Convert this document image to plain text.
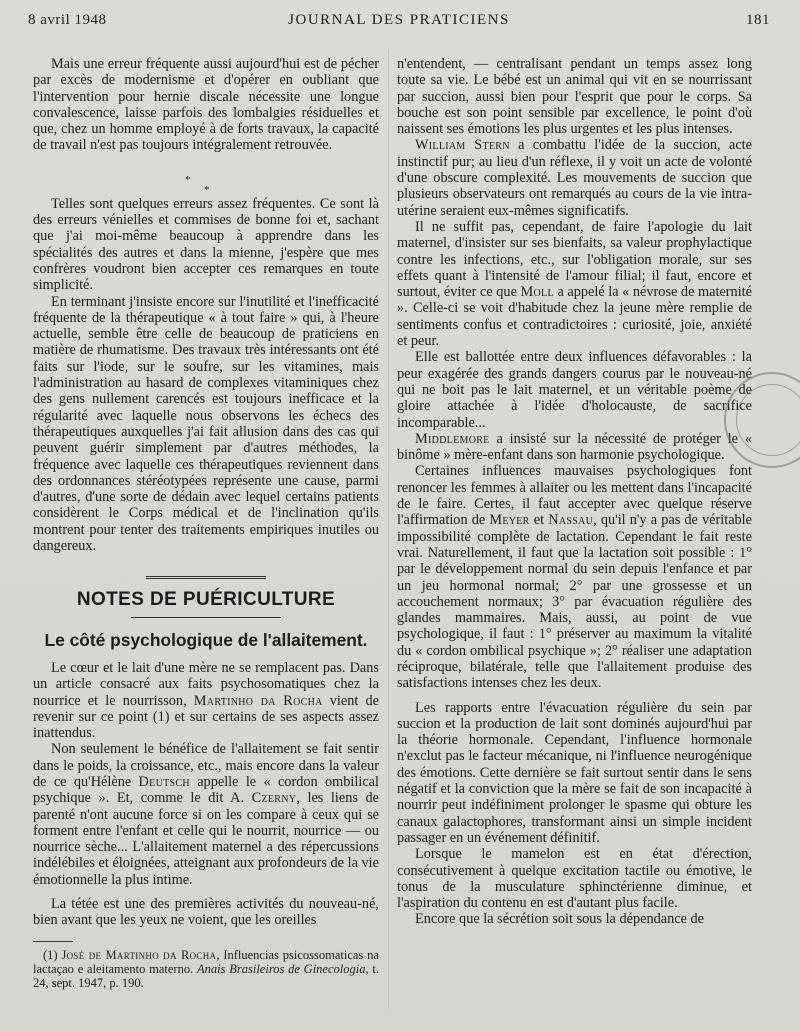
8 avril 1948	JOURNAL DES PRATICIENS	181

Mais une erreur fréquente aussi aujourd'hui est de pécher par excès de modernisme et d'opérer en oubliant que l'intervention pour hernie discale nécessite une longue convalescence, laisse parfois des lombalgies résiduelles et que, chez un homme employé à de forts travaux, la capacité de travail n'est pas toujours intégralement retrouvée.

*
*

Telles sont quelques erreurs assez fréquentes. Ce sont là des erreurs vénielles et commises de bonne foi et, sachant que j'ai moi-même beaucoup à apprendre dans les spécialités des autres et dans la mienne, j'espère que mes confrères voudront bien accepter ces remarques en toute simplicité.

En terminant j'insiste encore sur l'inutilité et l'inefficacité fréquente de la thérapeutique « à tout faire » qui, à l'heure actuelle, semble être celle de beaucoup de praticiens en matière de rhumatisme. Des travaux très intéressants ont été faits sur l'iode, sur le soufre, sur les vitamines, mais l'administration au hasard de complexes vitaminiques chez des gens nullement carencés est toujours inefficace et la régularité avec laquelle nous observons les échecs des thérapeutiques auxquelles j'ai fait allusion dans des cas qui peuvent guérir simplement par d'autres méthodes, la fréquence avec laquelle ces thérapeutiques reviennent dans des ordonnances stéréotypées représente une cause, parmi d'autres, d'une sorte de dédain avec lequel certains patients considèrent le Corps médical et de l'inclination qu'ils montrent pour tenter des traitements empiriques inutiles ou dangereux.

NOTES DE PUÉRICULTURE
Le côté psychologique de l'allaitement.

Le cœur et le lait d'une mère ne se remplacent pas. Dans un article consacré aux faits psychosomatiques chez la nourrice et le nourrisson, Martinho da Rocha vient de revenir sur ce point (1) et sur certains de ses aspects assez inattendus.

Non seulement le bénéfice de l'allaitement se fait sentir dans le poids, la croissance, etc., mais encore dans la valeur de ce qu'Hélène Deutsch appelle le « cordon ombilical psychique ». Et, comme le dit A. Czerny, les liens de parenté n'ont aucune force si on les compare à ceux qui se forment entre l'enfant et celle qui le nourrit, nourrice — ou nourrice sèche... L'allaitement maternel a des répercussions indélébiles et éloignées, atteignant aux profondeurs de la vie émotionnelle la plus intime.

La tétée est une des premières activités du nouveau-né, bien avant que les yeux ne voient, que les oreilles

(1) José de Martinho da Rocha, Influencias psicossomaticas na lactaçao e aleitamento materno. Anais Brasileiros de Ginecologia, t. 24, sept. 1947, p. 190.

n'entendent, — centralisant pendant un temps assez long toute sa vie. Le bébé est un animal qui vit en se nourrissant par succion, aussi bien pour l'esprit que pour le corps. Sa bouche est son point sensible par excellence, le point d'où naissent ses émotions les plus urgentes et les plus intenses.

William Stern a combattu l'idée de la succion, acte instinctif pur; au lieu d'un réflexe, il y voit un acte de volonté d'une obscure complexité. Les mouvements de succion que plusieurs observateurs ont remarqués au cours de la vie intra-utérine seraient eux-mêmes significatifs.

Il ne suffit pas, cependant, de faire l'apologie du lait maternel, d'insister sur ses bienfaits, sa valeur prophylactique contre les infections, etc., sur l'obligation morale, sur ses effets quant à l'intensité de l'amour filial; il faut, encore et surtout, éviter ce que Moll a appelé la « névrose de maternité ». Celle-ci se voit d'habitude chez la jeune mère remplie de sentiments confus et contradictoires : curiosité, joie, anxiété et peur.

Elle est ballottée entre deux influences défavorables : la peur exagérée des grands dangers courus par le nouveau-né qui ne boit pas le lait maternel, et un véritable poème de gloire attachée à l'idée d'holocauste, de sacrifice incomparable...

Middlemore a insisté sur la nécessité de protéger le « binôme » mère-enfant dans son harmonie psychologique.

Certaines influences mauvaises psychologiques font renoncer les femmes à allaiter ou les mettent dans l'incapacité de le faire. Certes, il faut accepter avec quelque réserve l'affirmation de Meyer et Nassau, qu'il n'y a pas de véritable impossibilité complète de lactation. Cependant le fait reste vrai. Naturellement, il faut que la lactation soit possible : 1° par le développement normal du sein depuis l'enfance et par un jeu hormonal normal; 2° par une grossesse et un accouchement normaux; 3° par évacuation régulière des glandes mammaires. Mais, aussi, au point de vue psychologique, il faut : 1° préserver au maximum la vitalité du « cordon ombilical psychique »; 2° réaliser une adaptation réciproque, bilatérale, telle que l'allaitement produise des satisfactions intenses chez les deux.

Les rapports entre l'évacuation régulière du sein par succion et la production de lait sont dominés aujourd'hui par la théorie hormonale. Cependant, l'influence hormonale n'exclut pas le facteur mécanique, ni l'influence neurogénique des émotions. Cette dernière se fait surtout sentir dans le sens négatif et la conviction que la mère se fait de son incapacité à nourrir peut indéfiniment prolonger le spasme qui obture les canaux galactophores, transformant ainsi un simple incident passager en un événement définitif.

Lorsque le mamelon est en état d'érection, consécutivement à quelque excitation tactile ou émotive, le tonus de la musculature sphinctérienne diminue, et l'aspiration du contenu en est d'autant plus facile.

Encore que la sécrétion soit sous la dépendance de
